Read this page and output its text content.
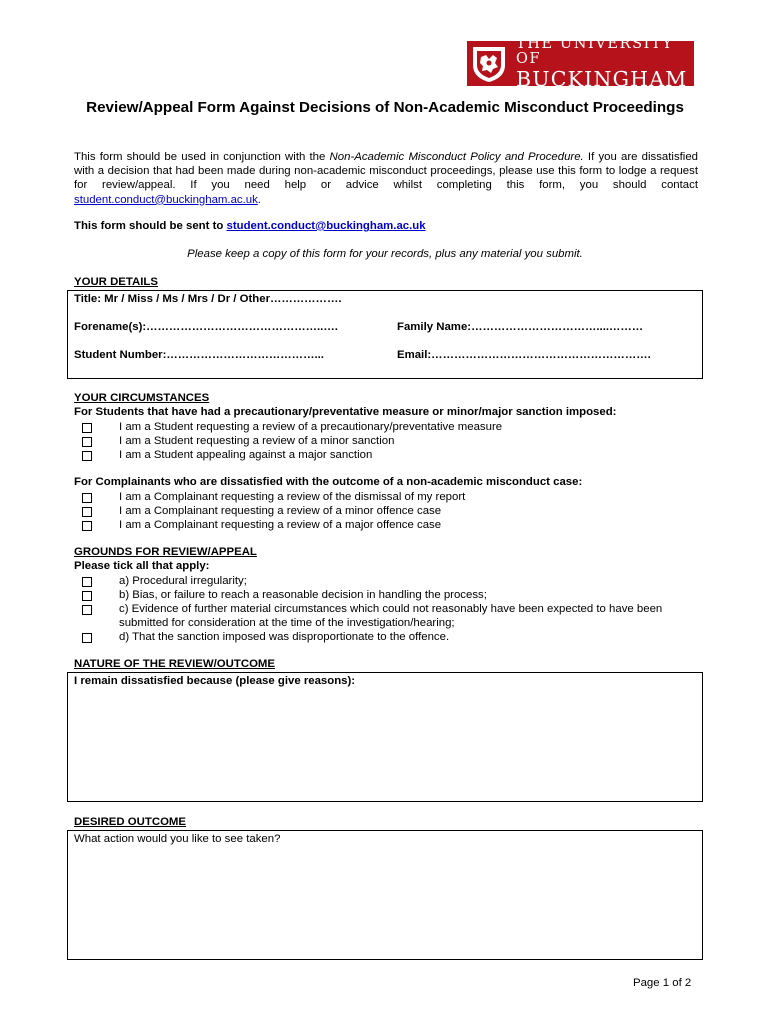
THE UNIVERSITY OF
BUCKINGHAM
Review/Appeal Form Against Decisions of Non-Academic Misconduct Proceedings
This form should be used in conjunction with the Non-Academic Misconduct Policy and Procedure. If you are dissatisfied with a decision that had been made during non-academic misconduct proceedings, please use this form to lodge a request for review/appeal. If you need help or advice whilst completing this form, you should contact student.conduct@buckingham.ac.uk.
This form should be sent to student.conduct@buckingham.ac.uk
Please keep a copy of this form for your records, plus any material you submit.
YOUR DETAILS
Title: Mr / Miss / Ms / Mrs / Dr / Other……………….
Forename(s):………………………………………..….	Family Name:……………………………....………
Student Number:…………………………………...	Email:………………………………………………….
YOUR CIRCUMSTANCES
For Students that have had a precautionary/preventative measure or minor/major sanction imposed:
I am a Student requesting a review of a precautionary/preventative measure
I am a Student requesting a review of a minor sanction
I am a Student appealing against a major sanction
For Complainants who are dissatisfied with the outcome of a non-academic misconduct case:
I am a Complainant requesting a review of the dismissal of my report
I am a Complainant requesting a review of a minor offence case
I am a Complainant requesting a review of a major offence case
GROUNDS FOR REVIEW/APPEAL
Please tick all that apply:
a) Procedural irregularity;
b) Bias, or failure to reach a reasonable decision in handling the process;
c) Evidence of further material circumstances which could not reasonably have been expected to have been submitted for consideration at the time of the investigation/hearing;
d) That the sanction imposed was disproportionate to the offence.
NATURE OF THE REVIEW/OUTCOME
I remain dissatisfied because (please give reasons):
DESIRED OUTCOME
What action would you like to see taken?
Page 1 of 2
